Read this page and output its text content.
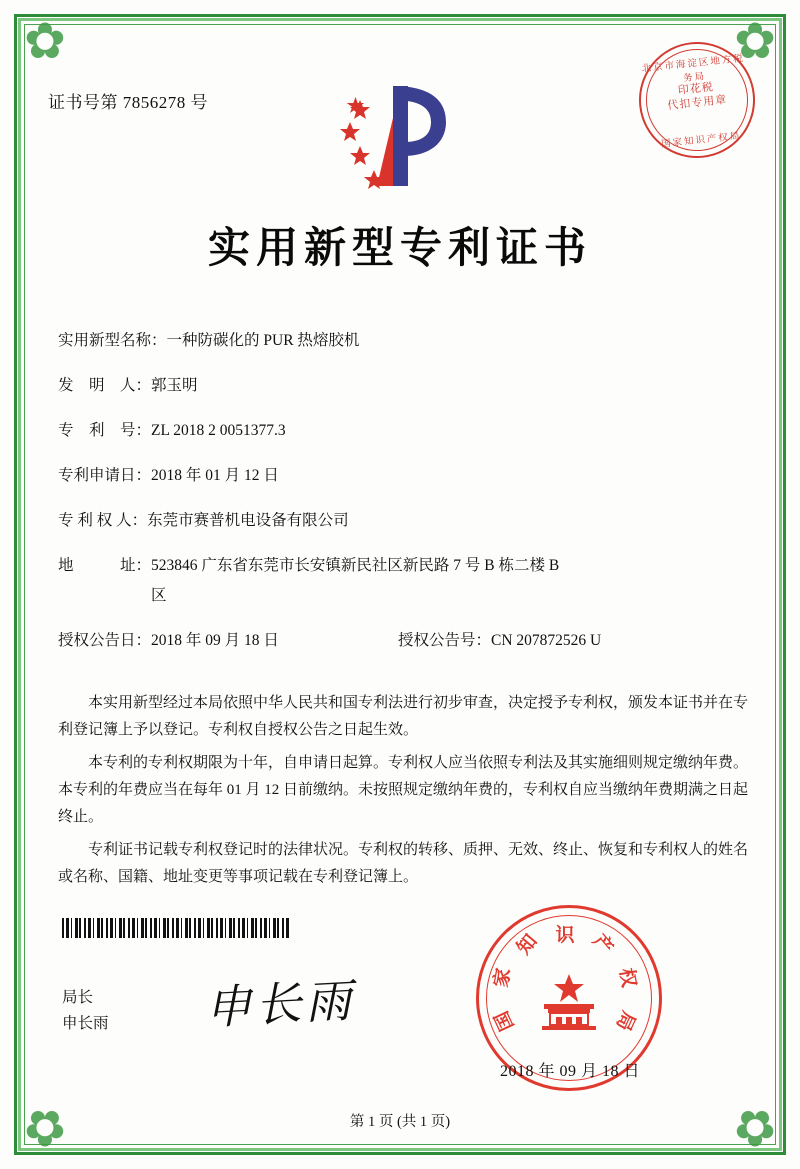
✿	✿
✿	✿
证书号第 7856278 号
北京市海淀区地方税务局
印花税
代扣专用章
国家知识产权局
实用新型专利证书
实用新型名称： 一种防碳化的 PUR 热熔胶机
发　明　人： 郭玉明
专　利　号： ZL 2018 2 0051377.3
专利申请日： 2018 年 01 月 12 日
专 利 权 人： 东莞市赛普机电设备有限公司
地　　　址： 523846 广东省东莞市长安镇新民社区新民路 7 号 B 栋二楼 B
区
授权公告日：2018 年 09 月 18 日	授权公告号：CN 207872526 U

本实用新型经过本局依照中华人民共和国专利法进行初步审查，决定授予专利权，颁发本证书并在专利登记簿上予以登记。专利权自授权公告之日起生效。

本专利的专利权期限为十年，自申请日起算。专利权人应当依照专利法及其实施细则规定缴纳年费。本专利的年费应当在每年 01 月 12 日前缴纳。未按照规定缴纳年费的，专利权自应当缴纳年费期满之日起终止。

专利证书记载专利权登记时的法律状况。专利权的转移、质押、无效、终止、恢复和专利权人的姓名或名称、国籍、地址变更等事项记载在专利登记簿上。

局长
申长雨 申长雨
识 产
权
局
国
家
知
2018 年 09 月 18 日
第 1 页 (共 1 页)
